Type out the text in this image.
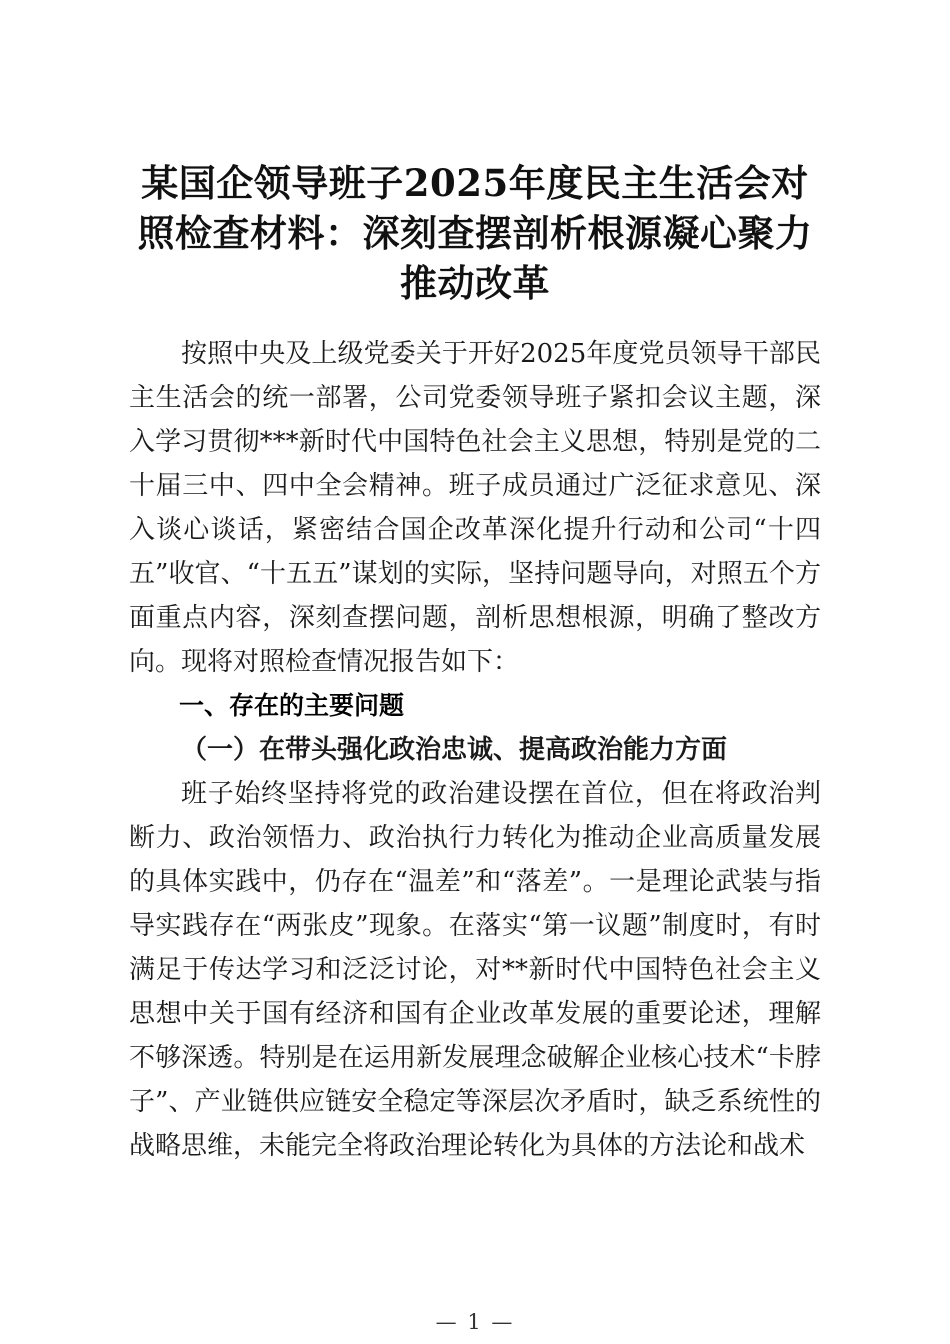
某国企领导班子2025年度民主生活会对照检查材料：深刻查摆剖析根源凝心聚力推动改革

按照中央及上级党委关于开好2025年度党员领导干部民主生活会的统一部署，公司党委领导班子紧扣会议主题，深入学习贯彻***新时代中国特色社会主义思想，特别是党的二十届三中、四中全会精神。班子成员通过广泛征求意见、深入谈心谈话，紧密结合国企改革深化提升行动和公司“十四五”收官、“十五五”谋划的实际，坚持问题导向，对照五个方面重点内容，深刻查摆问题，剖析思想根源，明确了整改方向。现将对照检查情况报告如下：

一、存在的主要问题
（一）在带头强化政治忠诚、提高政治能力方面

班子始终坚持将党的政治建设摆在首位，但在将政治判断力、政治领悟力、政治执行力转化为推动企业高质量发展的具体实践中，仍存在“温差”和“落差”。一是理论武装与指导实践存在“两张皮”现象。在落实“第一议题”制度时，有时满足于传达学习和泛泛讨论，对**新时代中国特色社会主义思想中关于国有经济和国有企业改革发展的重要论述，理解不够深透。特别是在运用新发展理念破解企业核心技术“卡脖子”、产业链供应链安全稳定等深层次矛盾时，缺乏系统性的战略思维，未能完全将政治理论转化为具体的方法论和战术

— 1 —
